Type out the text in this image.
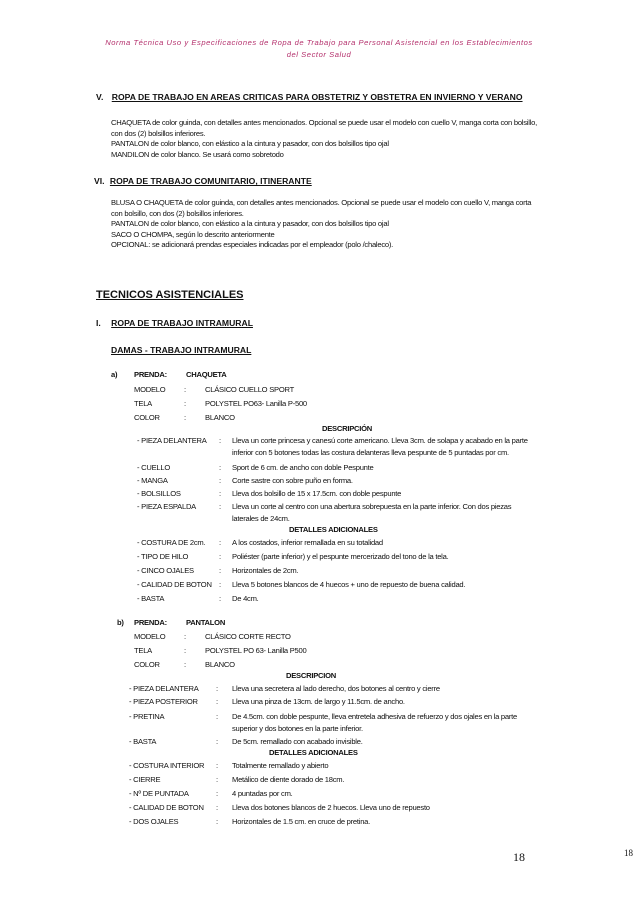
Norma Técnica Uso y Especificaciones de Ropa de Trabajo para Personal Asistencial en los Establecimientos
del Sector Salud
V. ROPA DE TRABAJO EN AREAS CRITICAS PARA OBSTETRIZ Y OBSTETRA EN INVIERNO Y VERANO
CHAQUETA de color guinda, con detalles antes mencionados. Opcional se puede usar el modelo con cuello V, manga corta con bolsillo,
con dos (2) bolsillos inferiores.
PANTALON de color blanco, con elástico a la cintura y pasador, con dos bolsillos tipo ojal
MANDILON de color blanco. Se usará como sobretodo
VI. ROPA DE TRABAJO COMUNITARIO, ITINERANTE
BLUSA O CHAQUETA de color guinda, con detalles antes mencionados. Opcional se puede usar el modelo con cuello V, manga corta
con bolsillo, con dos (2) bolsillos inferiores.
PANTALON de color blanco, con elástico a la cintura y pasador, con dos bolsillos tipo ojal
SACO O CHOMPA, según lo descrito anteriormente
OPCIONAL: se adicionará prendas especiales indicadas por el empleador (polo /chaleco).
TECNICOS ASISTENCIALES
I. ROPA DE TRABAJO INTRAMURAL
DAMAS - TRABAJO INTRAMURAL
a) PRENDA:	CHAQUETA
MODELO :	CLÁSICO CUELLO SPORT
TELA	:	POLYSTEL PO63- Lanilla P-500
COLOR	:	BLANCO
DESCRIPCIÓN
- PIEZA DELANTERA : Lleva un corte princesa y canesú corte americano. Lleva 3cm. de solapa y acabado en la parte
inferior con 5 botones todas las costura delanteras lleva pespunte de 5 puntadas por cm.
- CUELLO	: Sport de 6 cm. de ancho con doble Pespunte
- MANGA	: Corte sastre con sobre puño en forma.
- BOLSILLOS	: Lleva dos bolsillo de 15 x 17.5cm. con doble pespunte
- PIEZA ESPALDA	: Lleva un corte al centro con una abertura sobrepuesta en la parte inferior. Con dos piezas
laterales de 24cm.
DETALLES ADICIONALES
- COSTURA DE 2cm. : A los costados, inferior remallada en su totalidad
- TIPO DE HILO	: Poliéster (parte inferior) y el pespunte mercerizado del tono de la tela.
- CINCO OJALES	: Horizontales de 2cm.
- CALIDAD DE BOTON : Lleva 5 botones blancos de 4 huecos + uno de repuesto de buena calidad.
- BASTA	: De 4cm.
b) PRENDA:	PANTALON
MODELO :	CLÁSICO CORTE RECTO
TELA	:	POLYSTEL PO 63- Lanilla P500
COLOR	:	BLANCO
DESCRIPCION
- PIEZA DELANTERA : Lleva una secretera al lado derecho, dos botones al centro y cierre
- PIEZA POSTERIOR : Lleva una pinza de 13cm. de largo y 11.5cm. de ancho.
- PRETINA	: De 4.5cm. con doble pespunte, lleva entretela adhesiva de refuerzo y dos ojales en la parte
superior y dos botones en la parte inferior.
- BASTA	: De 5cm. remallado con acabado invisible.
DETALLES ADICIONALES
- COSTURA INTERIOR : Totalmente remallado y abierto
- CIERRE	: Metálico de diente dorado de 18cm.
- Nº DE PUNTADA	: 4 puntadas por cm.
- CALIDAD DE BOTON : Lleva dos botones blancos de 2 huecos. Lleva uno de repuesto
- DOS OJALES	: Horizontales de 1.5 cm. en cruce de pretina.
18	18
